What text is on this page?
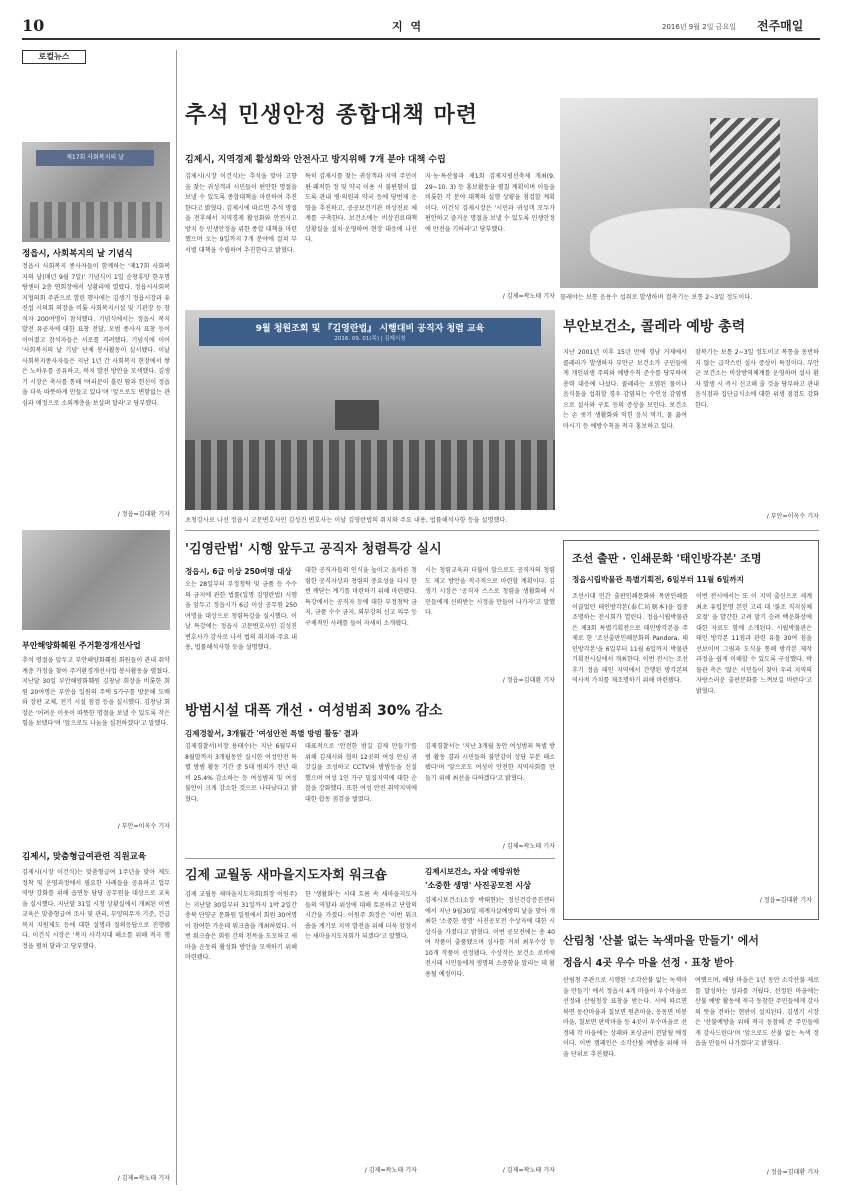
10	지 역	2016년 9월 2일 금요일 전주매일
로컬뉴스
제17회 사회복지의 날
정읍시, 사회복지의 날 기념식
정읍시 사회복지 종사자들이 함께하는 '제17회 사회복지의 날(매년 9월 7일)' 기념식이 1일 순창휴양 한우명탕센터 2층 연회장에서 성황리에 열렸다. 정읍시사회복지협의회 주관으로 열린 행사에는 김생기 정읍시장과 유진섭 시의회 의장을 비롯 사회복지시설 및 기관장 등 참석자 200여명이 참석했다. 기념식에서는 정읍시 복지 발전 유공자에 대한 표창 전달, 모범 종사자 표창 등이 이어졌고 참석자들은 서로를 격려했다. 기념식에 이어 '사회복지의 날 기념' 단체 봉사활동이 실시됐다. 이날 사회복지종사자들은 지난 1년 간 사회복지 현장에서 쌓은 노하우를 공유하고, 복지 발전 방안을 모색했다. 김생기 시장은 축사를 통해 '여러분이 흘린 땀과 헌신이 정읍을 더욱 따뜻하게 만들고 있다'며 '앞으로도 변함없는 관심과 애정으로 소외계층을 보살펴 달라'고 당부했다.
/ 정읍=김대환 기자
부안해양화훼원 주거환경개선사업
추석 명절을 앞두고 부안해양화훼원 회원들이 관내 취약계층 가정을 찾아 주거환경개선사업 봉사활동을 펼쳤다. 지난달 30일 부안해양화훼원 김창남 회장을 비롯한 회원 20여명은 부안읍 일원의 주택 5가구를 방문해 도배와 장판 교체, 전기 시설 점검 등을 실시했다. 김창남 회장은 '어려운 이웃이 따뜻한 명절을 보낼 수 있도록 작은 힘을 보탰다'며 '앞으로도 나눔을 실천하겠다'고 말했다.
/ 부안=이옥수 기자
김제시, 맞춤형급여관련 직원교육
김제시(시장 이건식)는 맞춤형급여 1주년을 맞아 제도 정착 및 운영과정에서 필요한 사례들을 공유하고 업무 역량 강화를 위해 읍면동 담당 공무원을 대상으로 교육을 실시했다. 지난달 31일 시청 상황실에서 개최된 이번 교육은 맞춤형급여 조사 및 관리, 부양의무자 기준, 긴급복지 지원제도 등에 대한 설명과 질의응답으로 진행됐다. 이건식 시장은 '복지 사각지대 해소를 위해 적극 행정을 펼쳐 달라'고 당부했다.
/ 김제=곽노태 기자
추석 민생안정 종합대책 마련
김제시, 지역경제 활성화와 안전사고 방지위해 7개 분야 대책 수립
김제시(시장 이건식)는 추석을 맞아 고향을 찾는 귀성객과 시민들이 편안한 명절을 보낼 수 있도록 종합대책을 마련하여 추진한다고 밝혔다. 김제시에 따르면 추석 명절을 전후해서 지역경제 활성화와 안전사고 방지 등 민생안정을 위한 종합 대책을 마련했으며 오는 9일까지 7개 분야에 걸쳐 부서별 대책을 수립하여 추진한다고 밝혔다.
특히 김제시를 찾는 귀성객과 지역 주민이 편·쾌적한 정 및 약국 이용 시 불편함이 없도록 관내 병·의원과 약국 등에 당번제 운영을 추진하고, 공공보건기관 비상진료 체계를 구축한다. 보건소에는 비상진료대책 상황실을 설치·운영하여 현장 대응에 나선다.
지·농·특산물과 제1회 김제지평선축제 개최(9. 29~10. 3) 등 홍보활동을 펼칠 계획이며 이들을 비롯한 각 분야 대책의 실행 상황을 점검할 계획이다. 이건식 김제시장은 '시민과 귀성객 모두가 편안하고 즐거운 명절을 보낼 수 있도록 민생안정에 만전을 기하라'고 당부했다.
/ 김제=곽노태 기자 물레야는 보통 음용수 섭취로 발생하며 접촉기는 보통 2~3일 정도이다.
9월 청원조회 및 『김영란법』 시행대비 공직자 청렴 교육
2016. 09. 01(목) | 김제시청
초청강사로 나선 정읍시 고문변호사인 김성진 변호사는 이날 김영란법의 취지와 주요 내용, 법률해석사항 등을 설명했다.
부안보건소, 콜레라 예방 총력
지난 2001년 이후 15년 만에 경남 거제에서 콜레라가 발생하자 부안군 보건소가 군민들에게 개인위생 주의와 예방수칙 준수를 당부하며 총력 대응에 나섰다. 콜레라는 오염된 물이나 음식물을 섭취할 경우 감염되는 수인성 감염병으로 설사와 구토 등의 증상을 보인다. 보건소는 손 씻기 생활화와 익힌 음식 먹기, 물 끓여 마시기 등 예방수칙을 적극 홍보하고 있다.
잠복기는 보통 2~3일 정도이고 복통을 동반하지 않는 급작스런 설사 증상이 특징이다. 부안군 보건소는 비상방역체계를 운영하며 설사 환자 발생 시 즉시 신고해 줄 것을 당부하고 관내 음식점과 집단급식소에 대한 위생 점검도 강화한다.
/ 부안=이옥수 기자
'김영란법' 시행 앞두고 공직자 청렴특강 실시
정읍시, 6급 이상 250여명 대상
오는 28일부터 부정청탁 및 금품 등 수수의 금지에 관한 법률(일명 김영란법) 시행을 앞두고 정읍시가 6급 이상 공무원 250여명을 대상으로 청렴특강을 실시했다. 이날 특강에는 정읍시 고문변호사인 김성진 변호사가 강사로 나서 법의 취지와 주요 내용, 법률해석사항 등을 설명했다.
대한 공직자들의 인식을 높이고 올바른 청렴한 공직자상과 청렴의 중요성을 다시 한 번 깨닫는 계기를 마련하기 위해 마련됐다. 특강에서는 공직자 등에 대한 부정청탁 금지, 금품 수수 금지, 외부강의 신고 의무 등 구체적인 사례를 들어 자세히 소개됐다.
시는 청렴교육과 더불어 앞으로도 공직자의 청렴도 제고 방안을 적극적으로 마련할 계획이다. 김생기 시장은 '공직자 스스로 청렴을 생활화해 시민들에게 신뢰받는 시정을 만들어 나가자'고 말했다.
/ 정읍=김대환 기자
방범시설 대폭 개선 · 여성범죄 30% 감소
김제경찰서, 3개월간 '여성안전 특별 방범 활동' 결과
김제경찰서(서장 용태수)는 지난 6월부터 8월말까지 3개월동안 실시한 여성안전 특별 방범 활동 기간 중 5대 범죄가 전년 대비 25.4% 감소하는 등 여성범죄 및 여성불안이 크게 감소한 것으로 나타났다고 밝혔다.
대표적으로 '안전한 밤길 김제 만들기'를 위해 김제시와 협의 12곳의 여성 안심 귀갓길을 조성하고 CCTV와 방범등을 신설했으며 여성 1인 가구 밀집지역에 대한 순찰을 강화했다. 또한 여성 안전 취약지역에 대한 합동 점검을 벌였다.
김제경찰서는 '지난 3개월 동안 여성범죄 특별 방범 활동 결과 시민들의 불안감이 상당 부분 해소됐다'며 '앞으로도 여성이 안전한 지역사회를 만들기 위해 최선을 다하겠다'고 밝혔다.
/ 김제=곽노태 기자
김제 교월동 새마을지도자회 워크숍
김제 교월동 새마을지도자회(회장 이원주)는 지난달 30일부터 31일까지 1박 2일간 충북 단양군 문화원 일원에서 회원 30여명이 참여한 가운데 워크숍을 개최하였다. 이번 워크숍은 회원 간의 친목을 도모하고 새마을 운동의 활성화 방안을 모색하기 위해 마련됐다.
한 '생활화'는 시대 흐름 속 새마을지도자들의 역할과 위상에 대해 토론하고 단합의 시간을 가졌다. 이원주 회장은 '이번 워크숍을 계기로 지역 발전을 위해 더욱 앞장서는 새마을지도자회가 되겠다'고 말했다.
/ 김제=곽노태 기자
김제시보건소, 자살 예방위한
'소중한 생명' 사진공모전 시상
김제시보건소(소장 박태현)는 정신건강증진센터에서 지난 9월30일 세계자살예방의 날을 맞아 개최한 '소중한 생명' 사진공모전 수상자에 대한 시상식을 가졌다고 밝혔다. 이번 공모전에는 총 40여 작품이 출품됐으며 심사를 거쳐 최우수상 등 10개 작품이 선정됐다. 수상작은 보건소 로비에 전시돼 시민들에게 생명의 소중함을 알리는 데 활용될 예정이다.
/ 김제=곽노태 기자
조선 출판 · 인쇄문화 '태인방각본' 조명
정읍시립박물관 특별기획전, 6일부터 11월 6일까지
조선시대 민간 출판인쇄문화와 목판인쇄를 이끌었던 태인방각본(泰仁坊刻本)을 집중 조명하는 전시회가 열린다. 정읍시립박물관은 제3회 특별기획전으로 태인방각본을 주제로 한 '조선출판인쇄문화의 Pandora, 태인방각본'을 6일부터 11월 6일까지 박물관 기획전시실에서 개최한다. 이번 전시는 조선 후기 정읍 태인 지역에서 간행된 방각본의 역사적 가치를 재조명하기 위해 마련됐다.
이번 전시에서는 또 이 지역 출신으로 세계 최초 유럽문명 본인 고리 대 '불조 직지심체요절' 을 발간한 고려 말기 승려 백운화상에 대한 자료도 함께 소개된다. 시립박물관은 태인 방각본 11점과 관련 유물 30여 점을 선보이며 그림과 도식을 통해 방각본 제작 과정을 쉽게 이해할 수 있도록 구성했다. 박물관 측은 '많은 시민들이 찾아 우리 지역의 자랑스러운 출판문화를 느껴보길 바란다'고 밝혔다.
/ 정읍=김대환 기자
산림청 '산불 없는 녹색마을 만들기' 에서
정읍시 4곳 우수 마을 선정 · 표창 받아
산림청 주관으로 시행된 '소각산불 없는 녹색마을 만들기' 에서 정읍시 4개 마을이 우수마을로 선정돼 산림청장 표창을 받는다. 시에 따르면 북면 동산마을과 칠보면 원촌마을, 옹동면 비봉마을, 칠보면 판막마을 등 4곳이 우수마을로 선정돼 각 마을에는 상패와 포상금이 전달될 예정이다. 이번 캠페인은 소각산불 예방을 위해 마을 단위로 추진됐다.
여했으며, 해당 마을은 1년 동안 소각산불 제로를 달성하는 성과를 거뒀다. 선정된 마을에는 산불 예방 활동에 적극 동참한 주민들에게 감사의 뜻을 전하는 현판이 설치된다. 김생기 시장은 '산불예방을 위해 적극 동참해 준 주민들에게 감사드린다'며 '앞으로도 산불 없는 녹색 정읍을 만들어 나가겠다'고 밝혔다.
/ 정읍=김대환 기자
